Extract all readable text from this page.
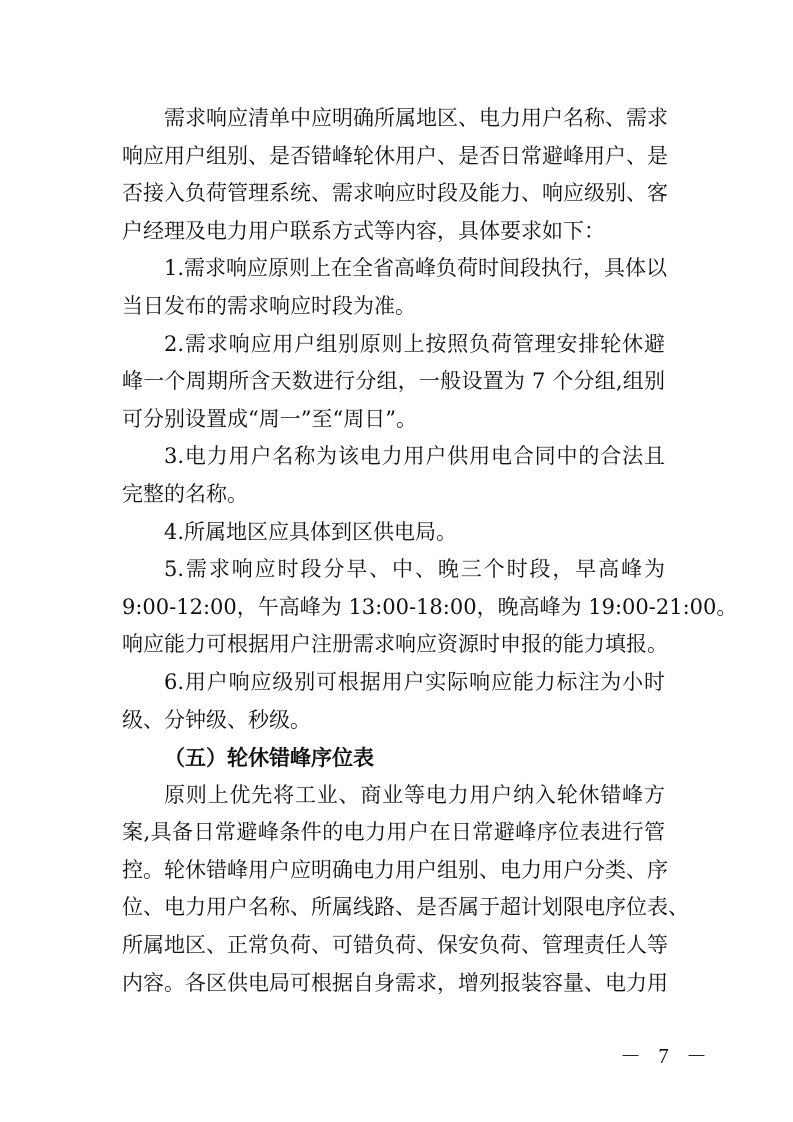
需求响应清单中应明确所属地区、电力用户名称、需求
响应用户组别、是否错峰轮休用户、是否日常避峰用户、是
否接入负荷管理系统、需求响应时段及能力、响应级别、客
户经理及电力用户联系方式等内容，具体要求如下：
1.需求响应原则上在全省高峰负荷时间段执行，具体以
当日发布的需求响应时段为准。
2.需求响应用户组别原则上按照负荷管理安排轮休避
峰一个周期所含天数进行分组，一般设置为 7 个分组,组别
可分别设置成“周一”至“周日”。
3.电力用户名称为该电力用户供用电合同中的合法且
完整的名称。
4.所属地区应具体到区供电局。
5.需求响应时段分早、中、晚三个时段，早高峰为
9:00-12:00，午高峰为 13:00-18:00，晚高峰为 19:00-21:00。
响应能力可根据用户注册需求响应资源时申报的能力填报。
6.用户响应级别可根据用户实际响应能力标注为小时
级、分钟级、秒级。
（五）轮休错峰序位表
原则上优先将工业、商业等电力用户纳入轮休错峰方
案,具备日常避峰条件的电力用户在日常避峰序位表进行管
控。轮休错峰用户应明确电力用户组别、电力用户分类、序
位、电力用户名称、所属线路、是否属于超计划限电序位表、
所属地区、正常负荷、可错负荷、保安负荷、管理责任人等
内容。各区供电局可根据自身需求，增列报装容量、电力用
－ 7 －
